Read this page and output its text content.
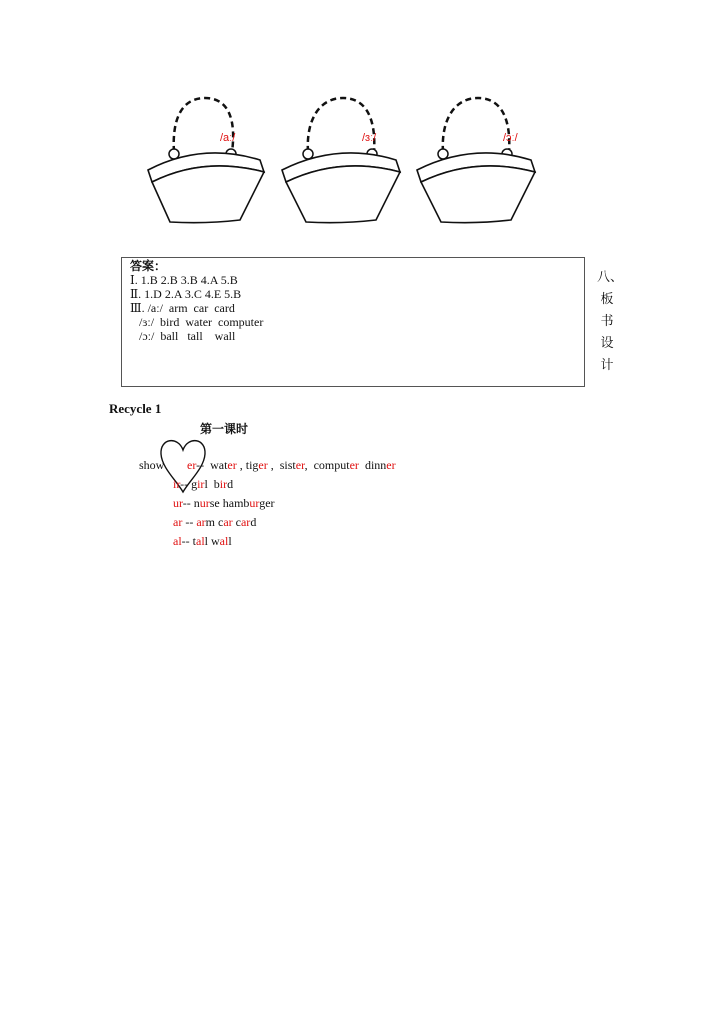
/aː/	/ɜː/	/ɔː/
答案：
Ⅰ. 1.B 2.B 3.B 4.A 5.B
Ⅱ. 1.D 2.A 3.C 4.E 5.B
Ⅲ. /aː/  arm  car  card
/ɜː/  bird  water  computer
/ɔː/  ball   tall    wall
八、
板
书
设
计
Recycle 1
第一课时
show er--  water , tiger ,  sister,  computer  dinner
ir-- girl  bird
ur-- nurse hamburger
ar -- arm car card
al-- tall wall
